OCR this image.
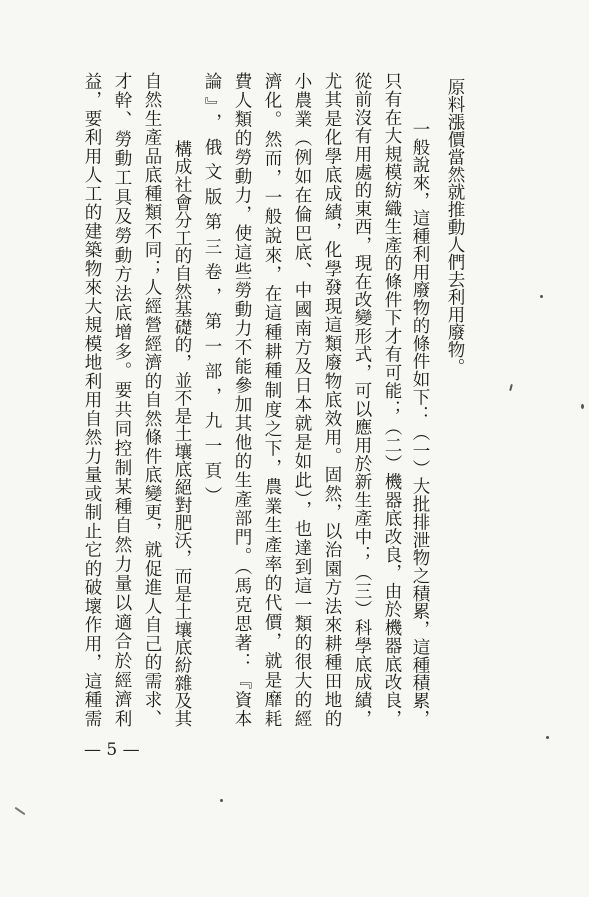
原料漲價當然就推動人們去利用廢物。
一般說來，這種利用廢物的條件如下：（一）大批排泄物之積累，這種積累，
只有在大規模紡織生產的條件下才有可能；（二）機器底改良，由於機器底改良，
從前沒有用處的東西，現在改變形式，可以應用於新生產中；（三）科學底成績，
尤其是化學底成績，化學發現這類廢物底效用。固然，以治園方法來耕種田地的
小農業（例如在倫巴底、中國南方及日本就是如此），也達到這一類的很大的經
濟化。然而，一般說來，在這種耕種制度之下，農業生產率的代價，就是靡耗
費人類的勞動力，使這些勞動力不能參加其他的生產部門。（馬克思著：『資本
論』，俄文版第三卷，第一部，九一頁）
構成社會分工的自然基礎的，並不是土壤底絕對肥沃，而是土壤底紛雜及其
自然生產品底種類不同；人經營經濟的自然條件底變更，就促進人自己的需求、
才幹、勞動工具及勞動方法底增多。要共同控制某種自然力量以適合於經濟利
益，要利用人工的建築物來大規模地利用自然力量或制止它的破壞作用，這種需
— 5 —
